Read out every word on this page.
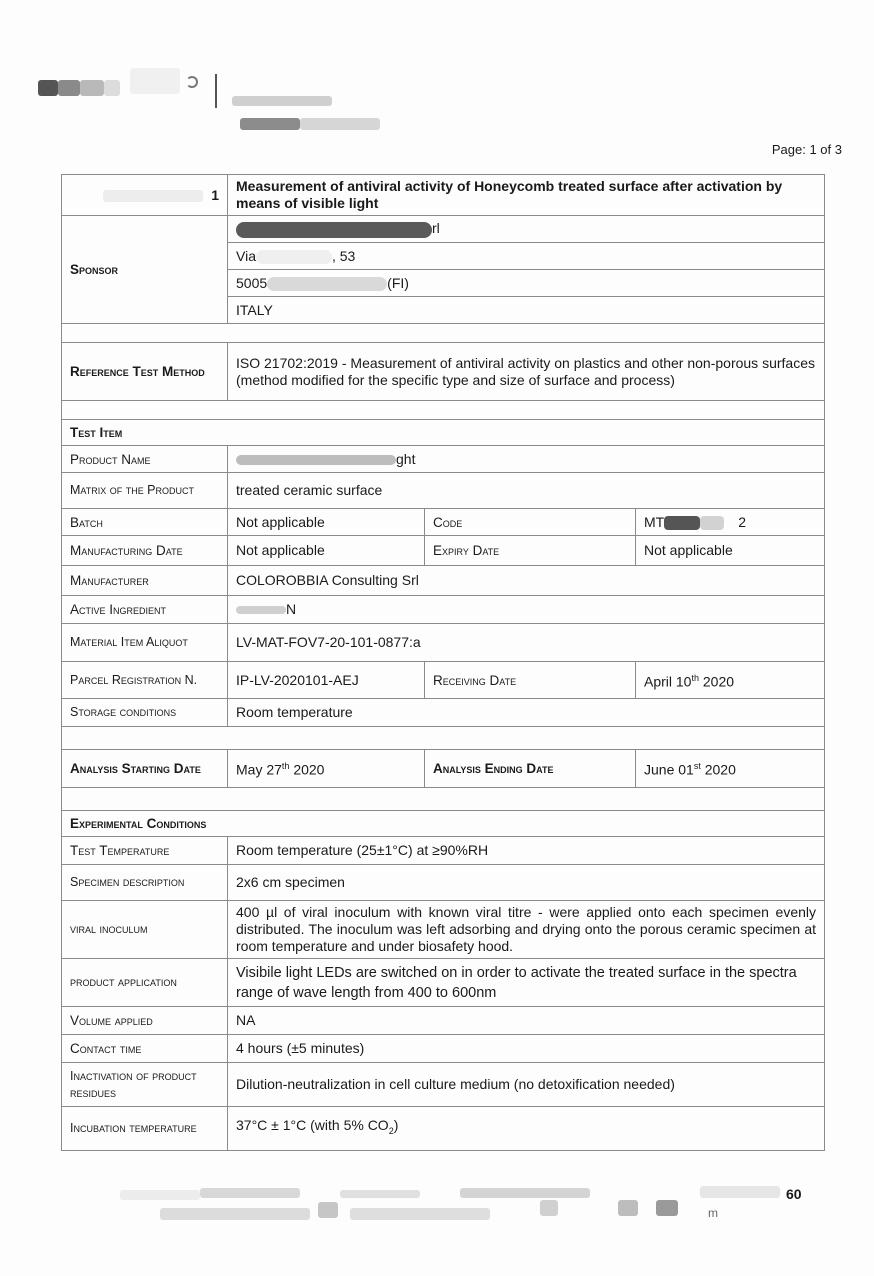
Page: 1 of 3
1	Measurement of antiviral activity of Honeycomb treated surface after activation by means of visible light		
Sponsor	rl		
	Via , 53		
	5005 (FI)		
	ITALY		

Reference Test Method	ISO 21702:2019 - Measurement of antiviral activity on plastics and other non-porous surfaces (method modified for the specific type and size of surface and process)		

Test Item			
Product Name	ght		
Matrix of the Product	treated ceramic surface		
Batch	Not applicable	Code	MT 2
Manufacturing Date	Not applicable	Expiry Date	Not applicable
Manufacturer	COLOROBBIA Consulting Srl		
Active Ingredient	N		
Material Item Aliquot	LV-MAT-FOV7-20-101-0877:a		
Parcel Registration N.	IP-LV-2020101-AEJ	Receiving Date	April 10th 2020
Storage conditions	Room temperature		

Analysis Starting Date	May 27th 2020	Analysis Ending Date	June 01st 2020

Experimental Conditions			
Test Temperature	Room temperature (25±1°C) at ≥90%RH		
Specimen description	2x6 cm specimen		
viral inoculum	400 µl of viral inoculum with known viral titre - were applied onto each specimen evenly distributed. The inoculum was left adsorbing and drying onto the porous ceramic specimen at room temperature and under biosafety hood.		
product application	Visibile light LEDs are switched on in order to activate the treated surface in the spectra range of wave length from 400 to 600nm		
Volume applied	NA		
Contact time	4 hours (±5 minutes)		
Inactivation of product residues	Dilution-neutralization in cell culture medium (no detoxification needed)		
Incubation temperature	37°C ± 1°C (with 5% $CO_2$)		
60
m
